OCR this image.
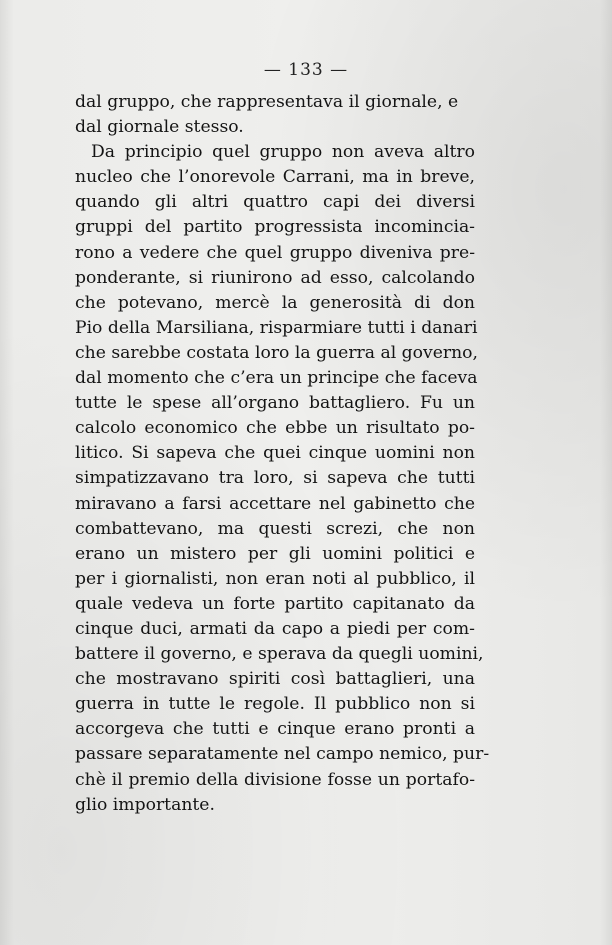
— 133 —
dal gruppo, che rappresentava il giornale, e
dal giornale stesso.
Da principio quel gruppo non aveva altro
nucleo che l’onorevole Carrani, ma in breve,
quando gli altri quattro capi dei diversi
gruppi del partito progressista incomincia-
rono a vedere che quel gruppo diveniva pre-
ponderante, si riunirono ad esso, calcolando
che potevano, mercè la generosità di don
Pio della Marsiliana, risparmiare tutti i danari
che sarebbe costata loro la guerra al governo,
dal momento che c’era un principe che faceva
tutte le spese all’organo battagliero. Fu un
calcolo economico che ebbe un risultato po-
litico. Si sapeva che quei cinque uomini non
simpatizzavano tra loro, si sapeva che tutti
miravano a farsi accettare nel gabinetto che
combattevano, ma questi screzi, che non
erano un mistero per gli uomini politici e
per i giornalisti, non eran noti al pubblico, il
quale vedeva un forte partito capitanato da
cinque duci, armati da capo a piedi per com-
battere il governo, e sperava da quegli uomini,
che mostravano spiriti così battaglieri, una
guerra in tutte le regole. Il pubblico non si
accorgeva che tutti e cinque erano pronti a
passare separatamente nel campo nemico, pur-
chè il premio della divisione fosse un portafo-
glio importante.
